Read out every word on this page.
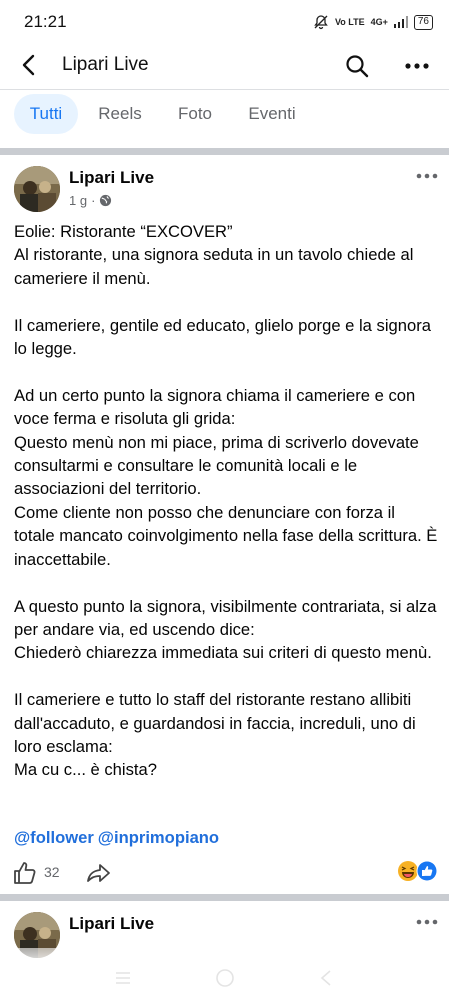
21:21	Vo LTE 4G+	76
Lipari Live
Tutti	Reels	Foto	Eventi
Lipari Live
1 g ·
Eolie: Ristorante “EXCOVER”
Al ristorante, una signora seduta in un tavolo chiede al cameriere il menù.

Il cameriere, gentile ed educato, glielo porge e la signora lo legge.

Ad un certo punto la signora chiama il cameriere e con voce ferma e risoluta gli grida:
Questo menù non mi piace, prima di scriverlo dovevate consultarmi e consultare le comunità locali e le associazioni del territorio.
Come cliente non posso che denunciare con forza il totale mancato coinvolgimento nella fase della scrittura. È inaccettabile.

A questo punto la signora, visibilmente contrariata, si alza  per andare via, ed uscendo dice:
Chiederò chiarezza immediata sui criteri di questo menù.

Il cameriere e tutto lo staff del ristorante restano allibiti dall'accaduto, e guardandosi in faccia, increduli, uno di loro esclama:
Ma cu c... è chista?
@follower @inprimopiano
32
Lipari Live
